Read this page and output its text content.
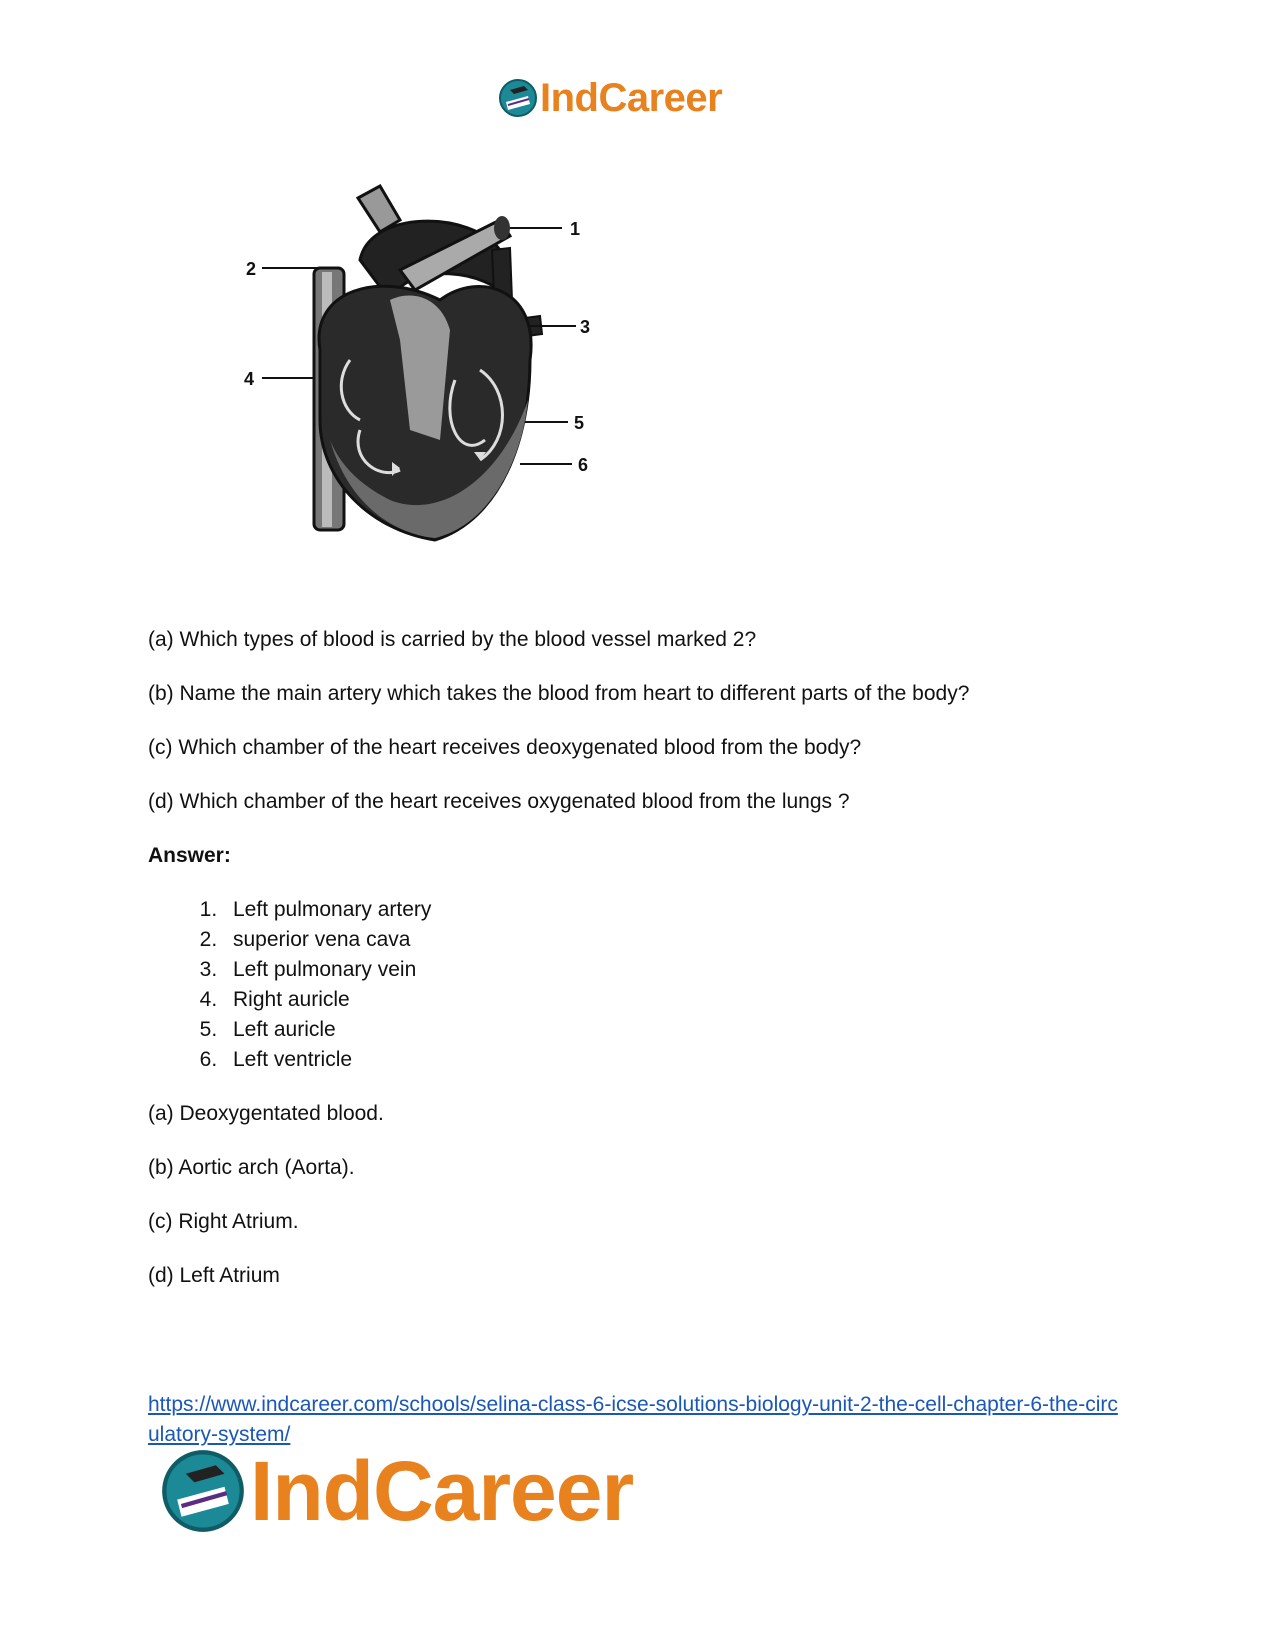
IndCareer
1
2
3
4
5
6

(a) Which types of blood is carried by the blood vessel marked 2?

(b) Name the main artery which takes the blood from heart to different parts of the body?

(c) Which chamber of the heart receives deoxygenated blood from the body?

(d) Which chamber of the heart receives oxygenated blood from the lungs ?

Answer:

1. Left pulmonary artery
2. superior vena cava
3. Left pulmonary vein
4. Right auricle
5. Left auricle
6. Left ventricle

(a) Deoxygentated blood.

(b) Aortic arch (Aorta).

(c) Right Atrium.

(d) Left Atrium

https://www.indcareer.com/schools/selina-class-6-icse-solutions-biology-unit-2-the-cell-chapter-6-the-circulatory-system/
IndCareer
